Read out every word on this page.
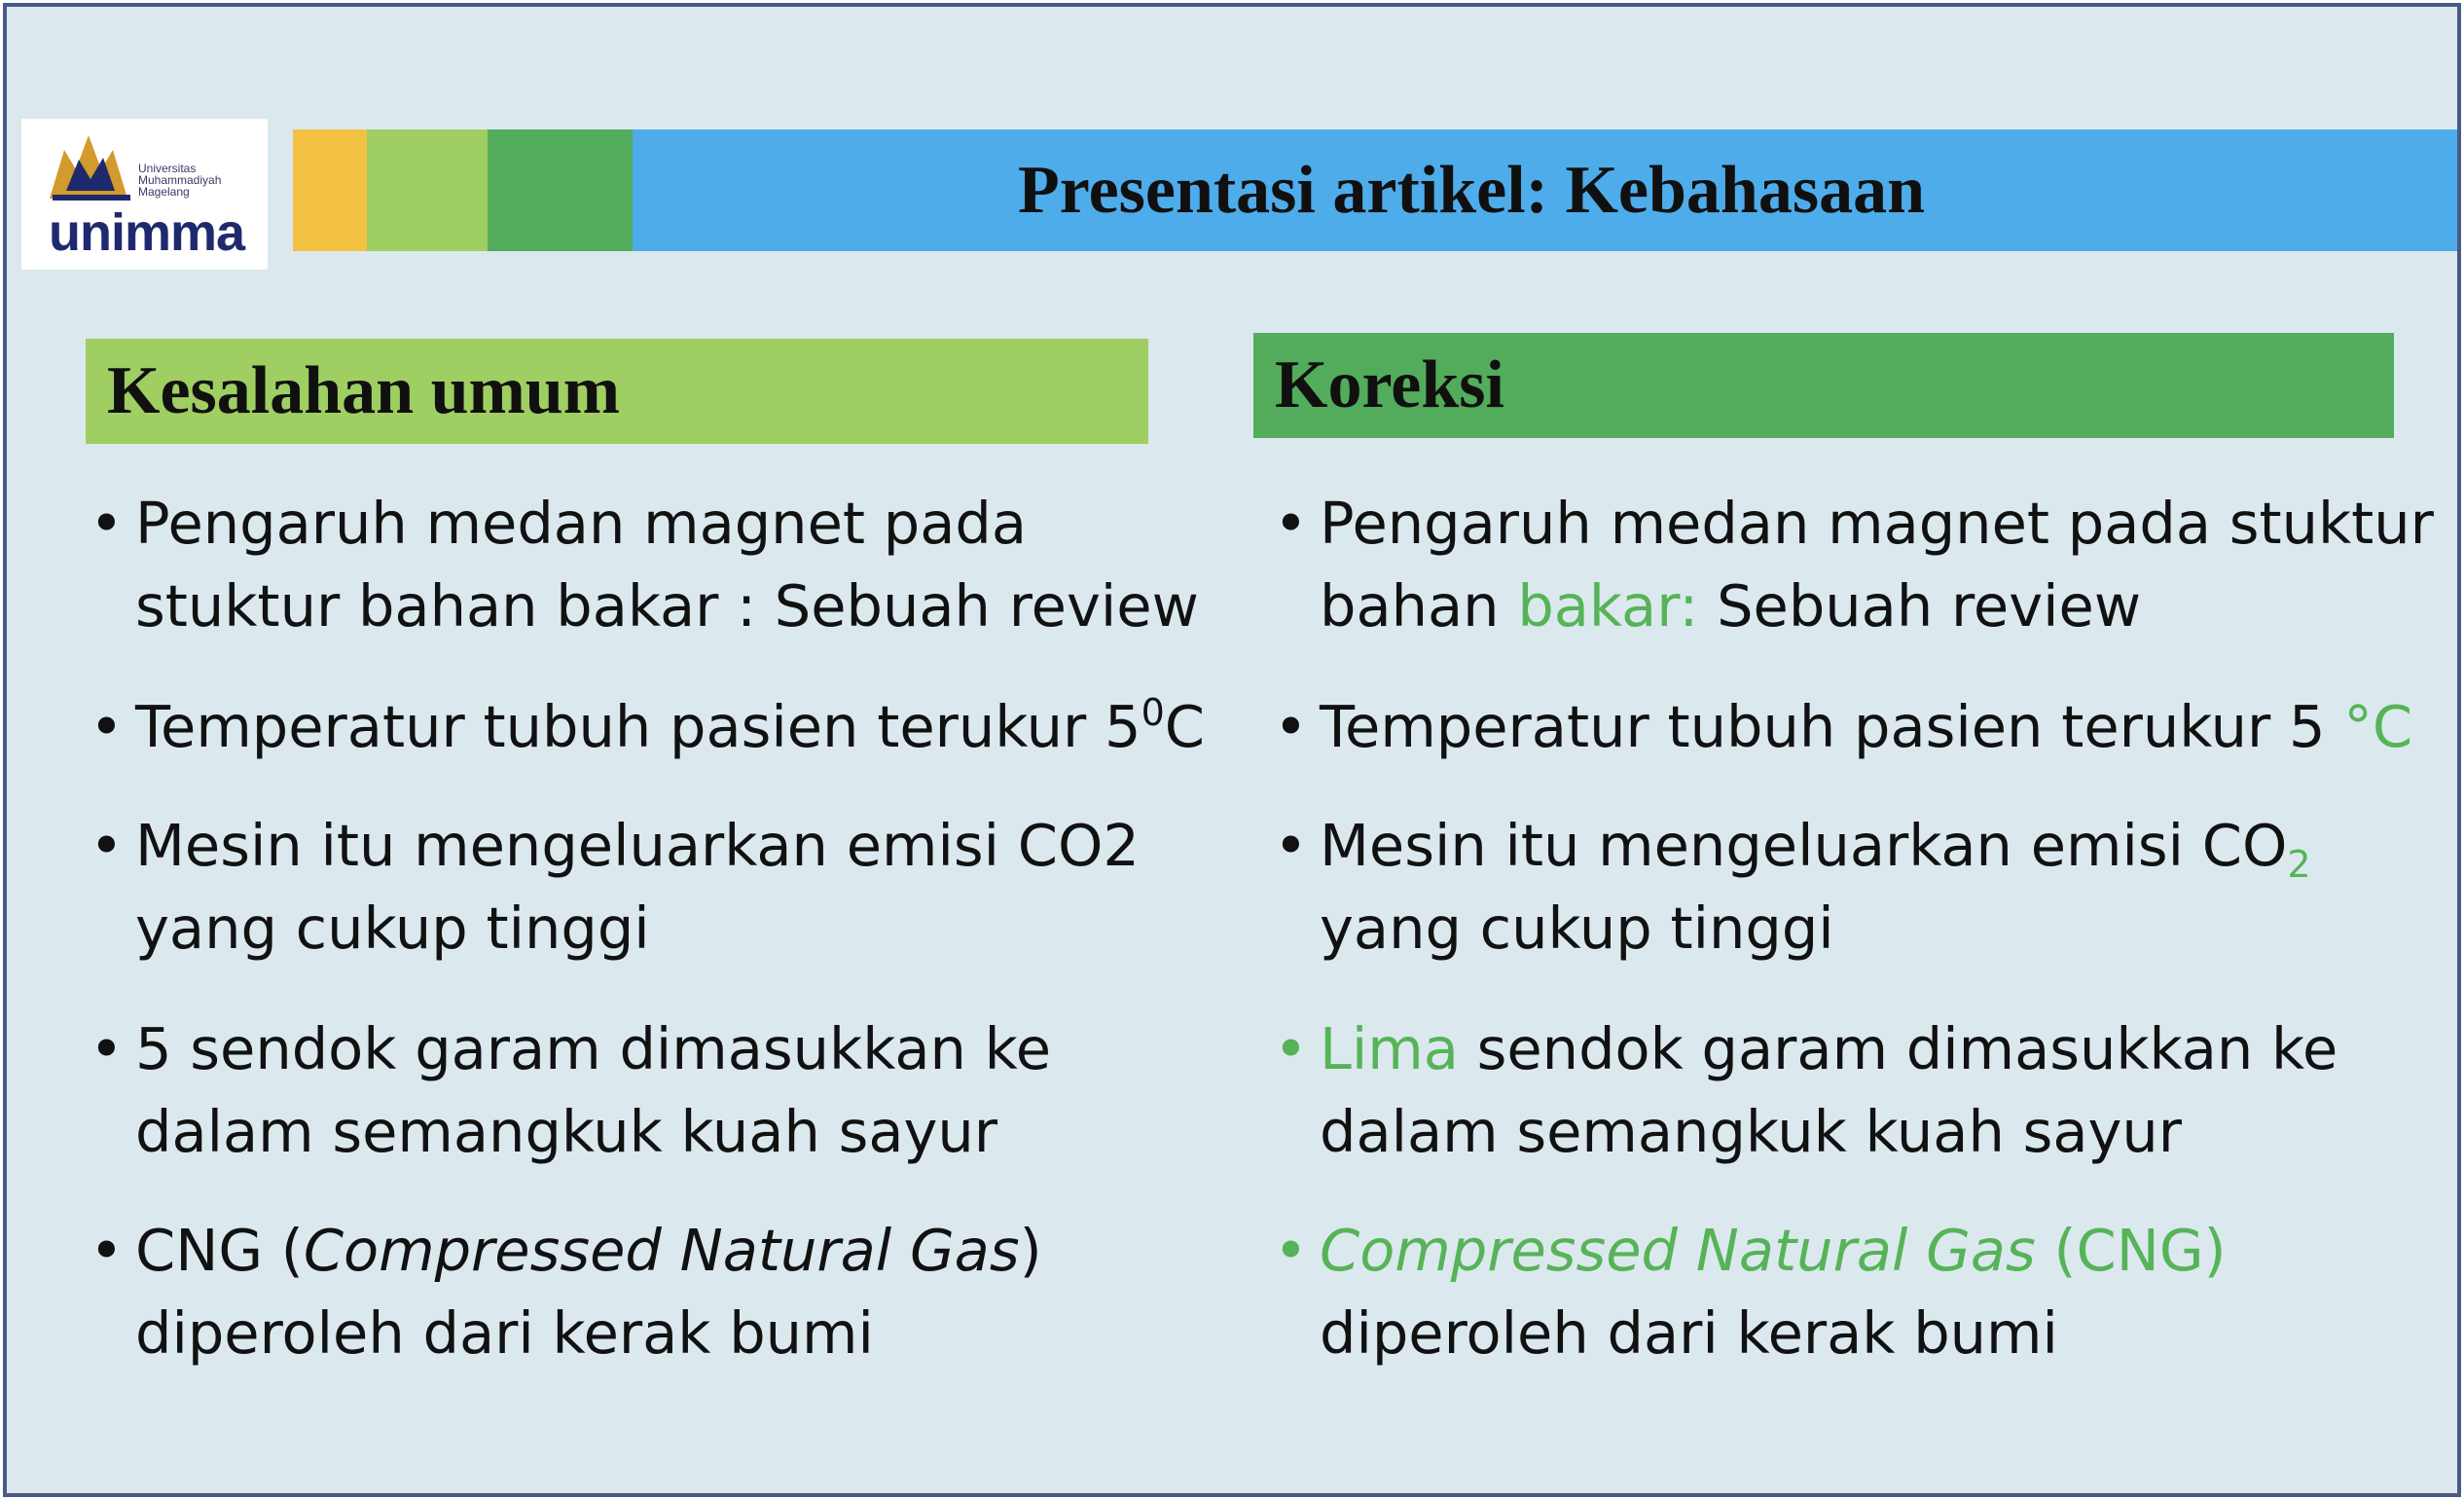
Universitas
Muhammadiyah
Magelang
unimma
Presentasi artikel: Kebahasaan
Kesalahan umum	Koreksi
• Pengaruh medan magnet pada
stuktur bahan bakar : Sebuah review
• Temperatur tubuh pasien terukur $5^0C$
• Mesin itu mengeluarkan emisi CO2
yang cukup tinggi
• 5 sendok garam dimasukkan ke
dalam semangkuk kuah sayur
• CNG (Compressed Natural Gas)
diperoleh dari kerak bumi
• Pengaruh medan magnet pada stuktur
bahan bakar: Sebuah review
• Temperatur tubuh pasien terukur 5 °C
• Mesin itu mengeluarkan emisi $CO_2$
yang cukup tinggi
• Lima sendok garam dimasukkan ke
dalam semangkuk kuah sayur
• Compressed Natural Gas (CNG)
diperoleh dari kerak bumi
